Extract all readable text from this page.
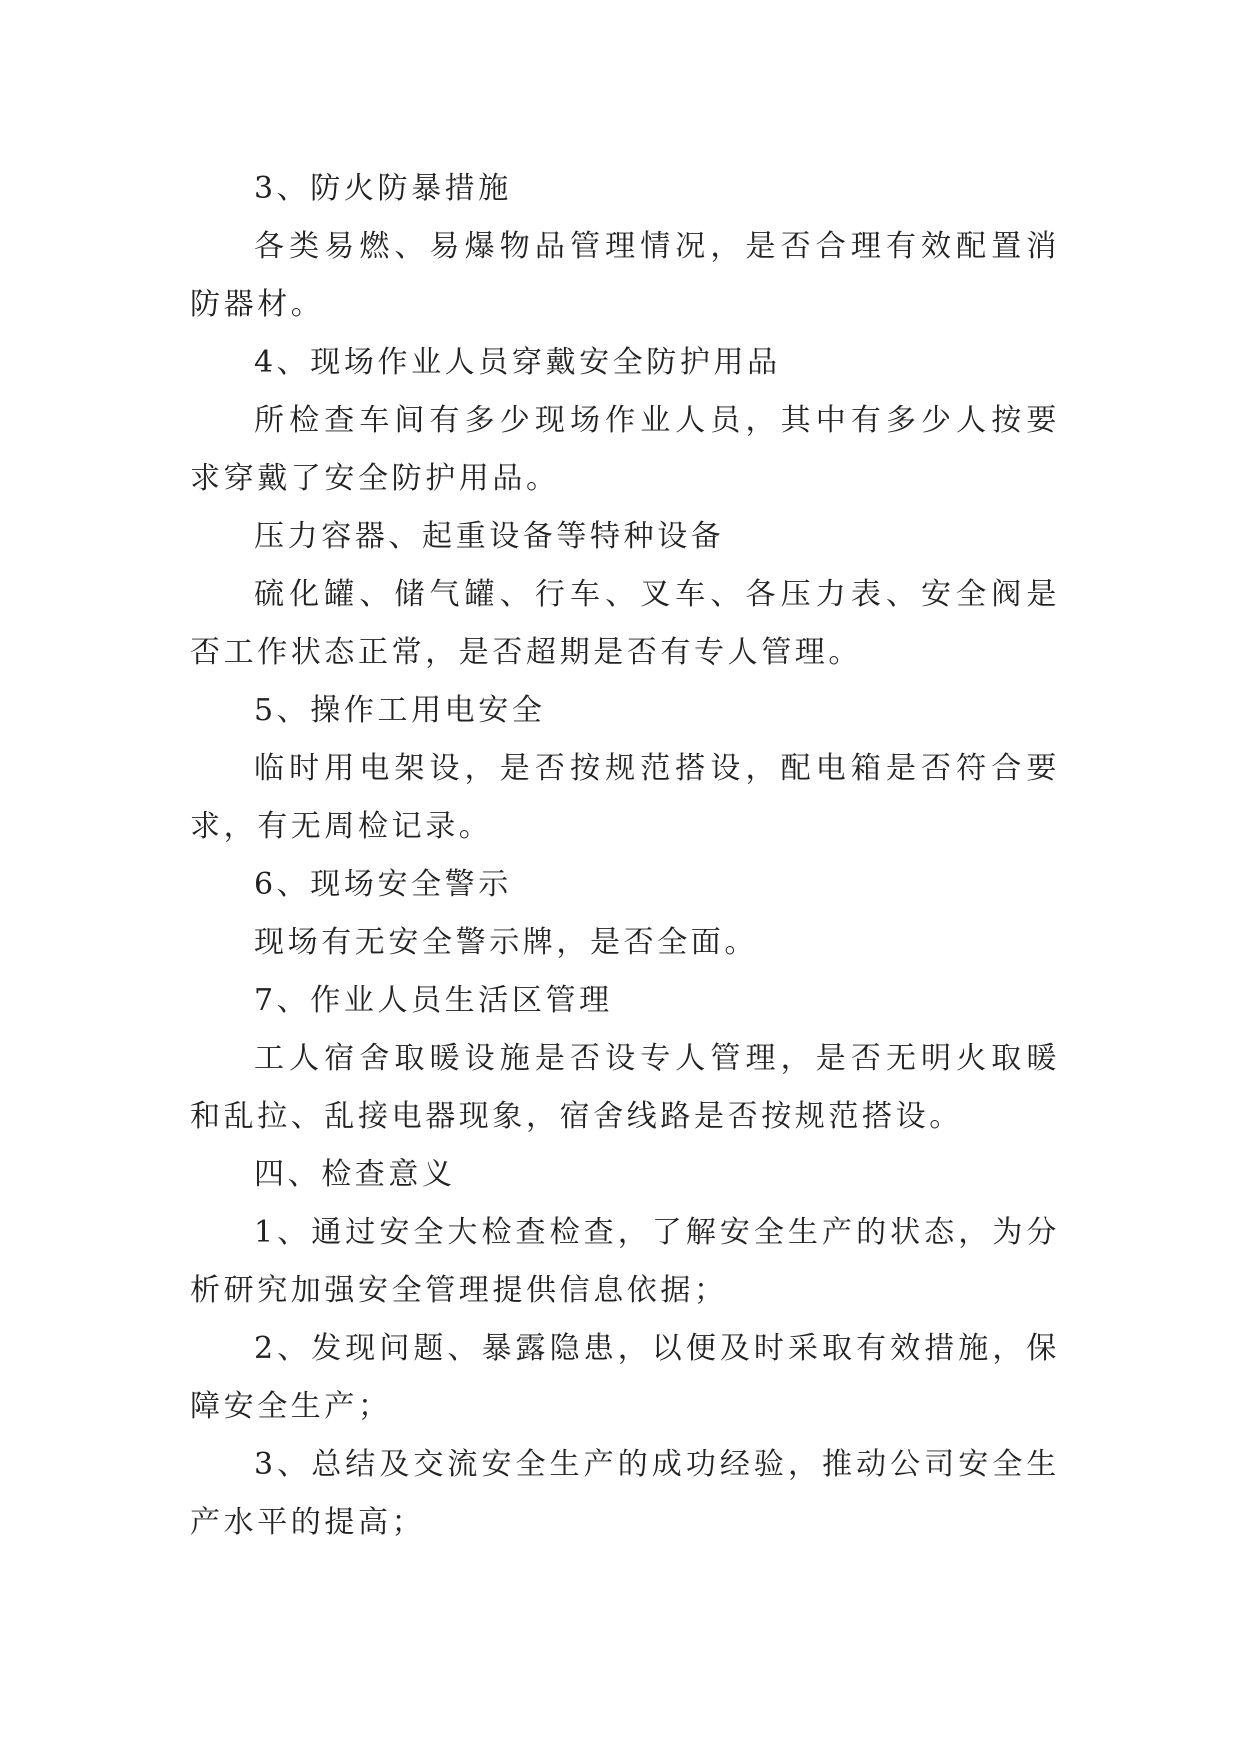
3、防火防暴措施

各类易燃、易爆物品管理情况，是否合理有效配置消防器材。

4、现场作业人员穿戴安全防护用品

所检查车间有多少现场作业人员，其中有多少人按要求穿戴了安全防护用品。

压力容器、起重设备等特种设备

硫化罐、储气罐、行车、叉车、各压力表、安全阀是否工作状态正常，是否超期是否有专人管理。

5、操作工用电安全

临时用电架设，是否按规范搭设，配电箱是否符合要求，有无周检记录。

6、现场安全警示

现场有无安全警示牌，是否全面。

7、作业人员生活区管理

工人宿舍取暖设施是否设专人管理，是否无明火取暖和乱拉、乱接电器现象，宿舍线路是否按规范搭设。

四、检查意义

1、通过安全大检查检查，了解安全生产的状态，为分析研究加强安全管理提供信息依据；

2、发现问题、暴露隐患，以便及时采取有效措施，保障安全生产；

3、总结及交流安全生产的成功经验，推动公司安全生产水平的提高；
